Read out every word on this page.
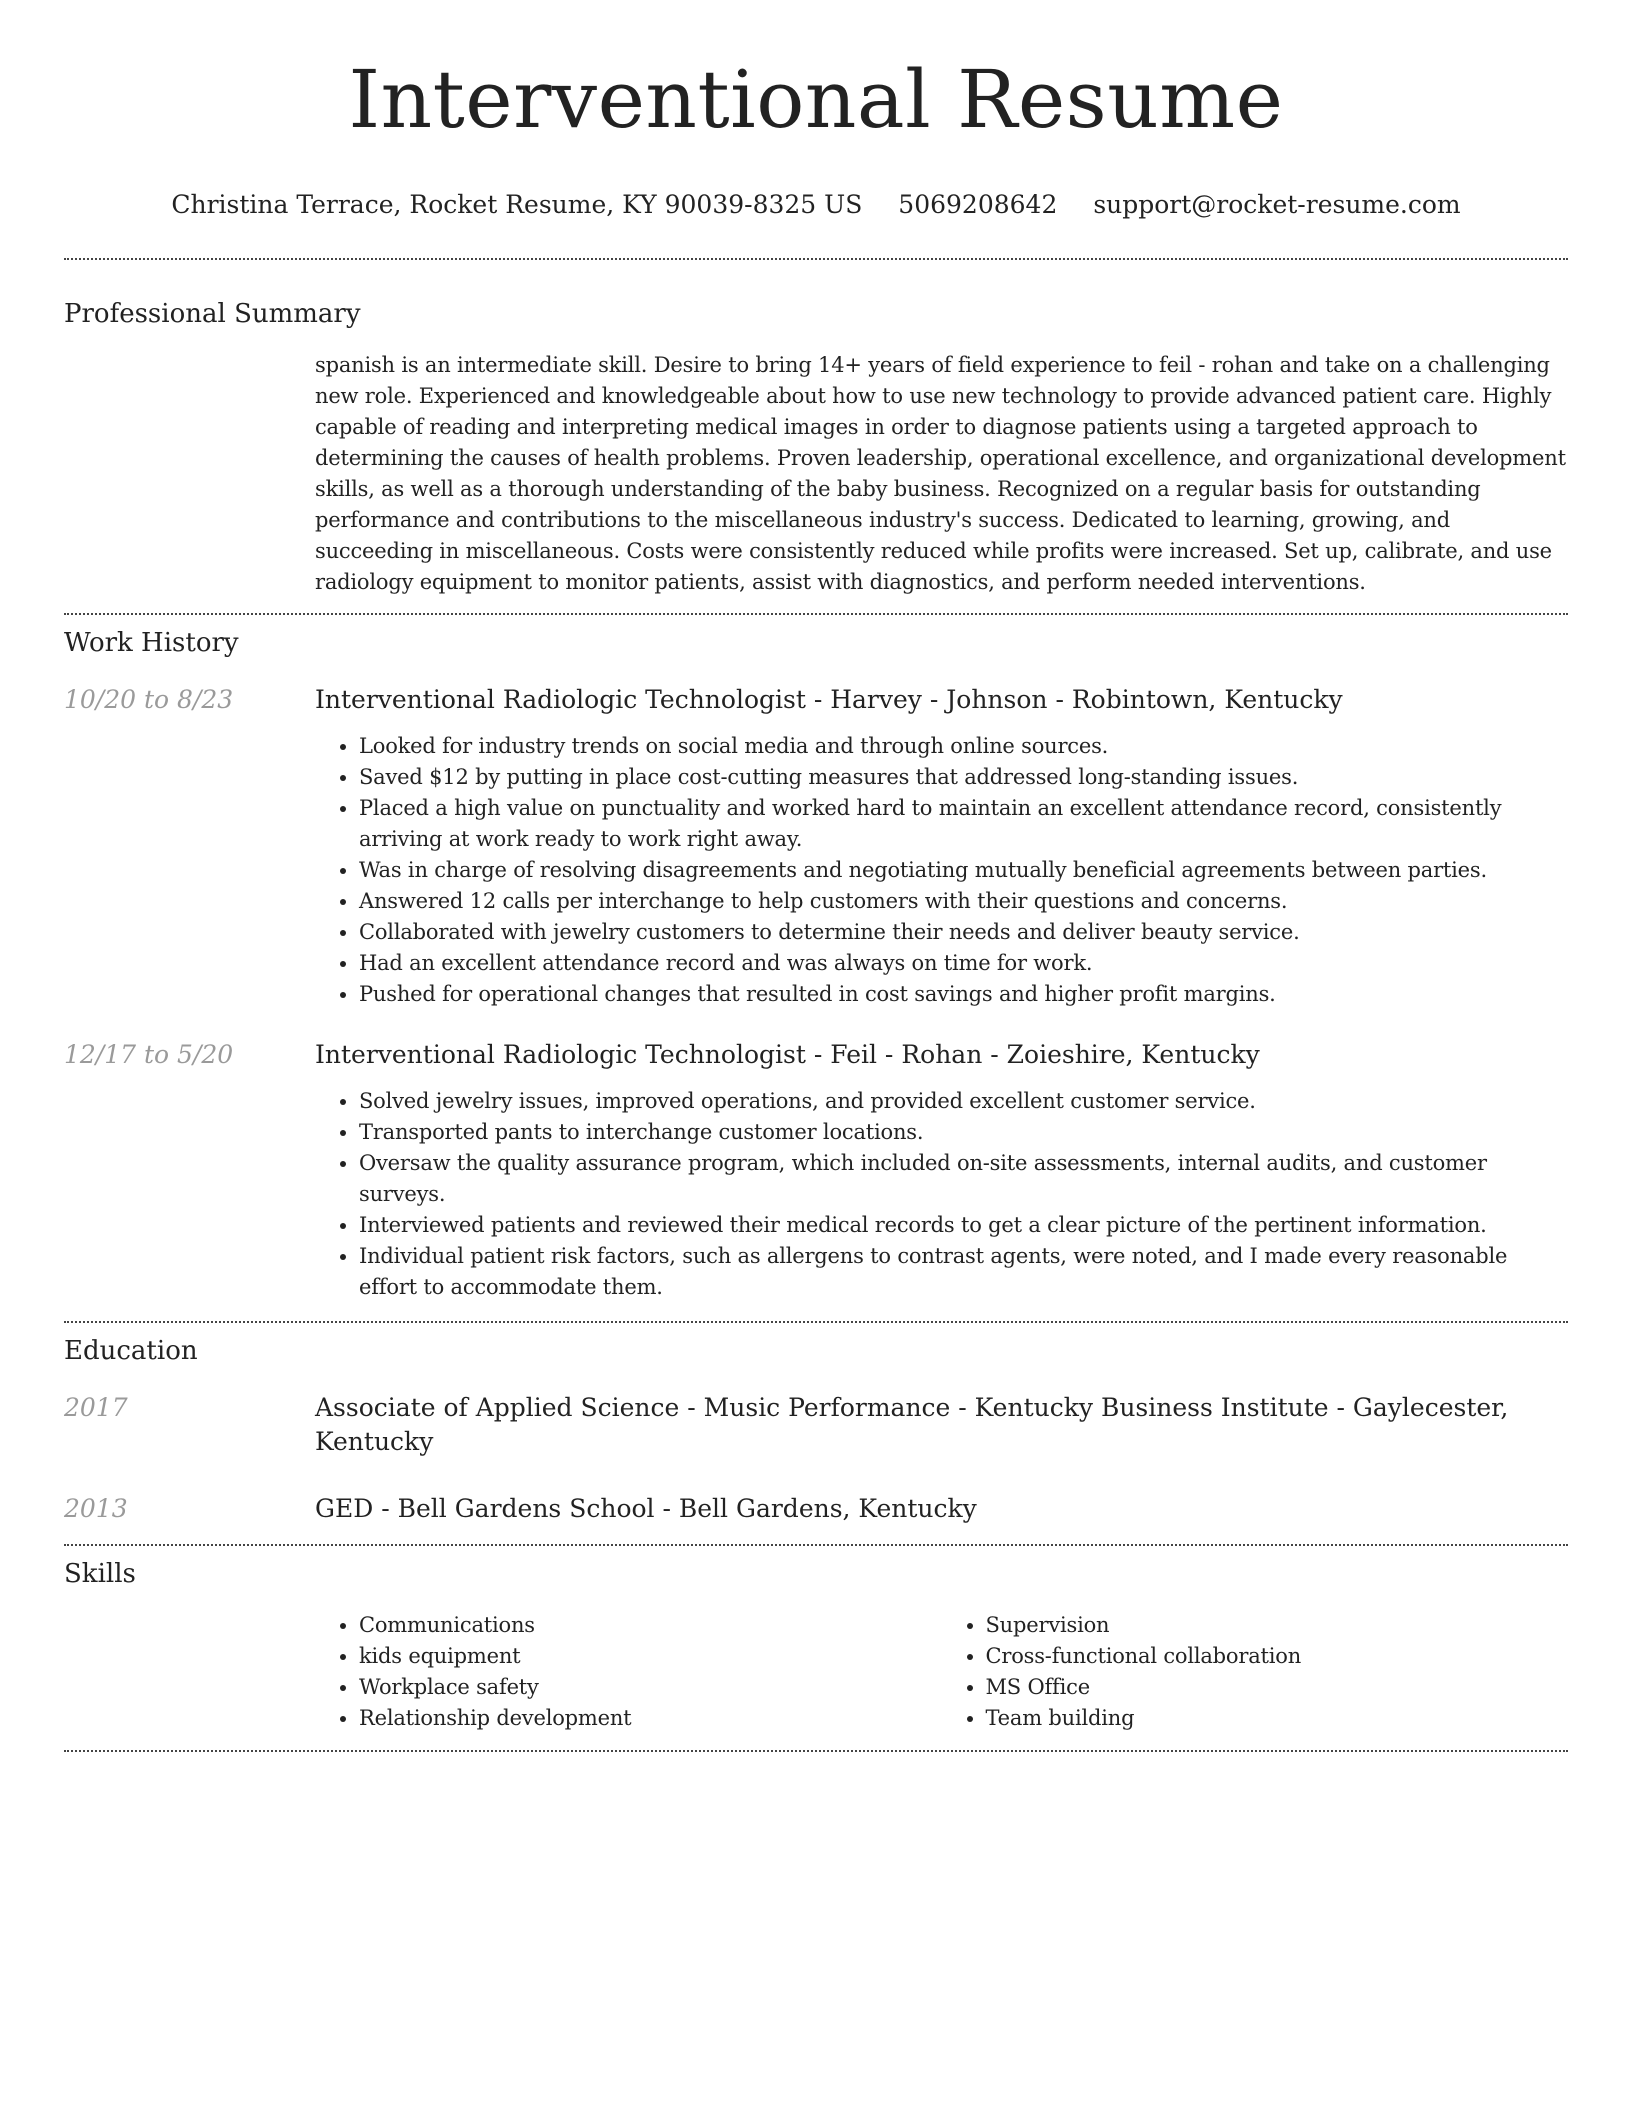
Interventional Resume
Christina Terrace, Rocket Resume, KY 90039-8325 US 5069208642 support@rocket-resume.com
Professional Summary

spanish is an intermediate skill. Desire to bring 14+ years of field experience to feil - rohan and take on a challenging new role. Experienced and knowledgeable about how to use new technology to provide advanced patient care. Highly capable of reading and interpreting medical images in order to diagnose patients using a targeted approach to determining the causes of health problems. Proven leadership, operational excellence, and organizational development skills, as well as a thorough understanding of the baby business. Recognized on a regular basis for outstanding performance and contributions to the miscellaneous industry's success. Dedicated to learning, growing, and succeeding in miscellaneous. Costs were consistently reduced while profits were increased. Set up, calibrate, and use radiology equipment to monitor patients, assist with diagnostics, and perform needed interventions.

Work History
10/20 to 8/23	Interventional Radiologic Technologist - Harvey - Johnson - Robintown, Kentucky
• Looked for industry trends on social media and through online sources.
• Saved $12 by putting in place cost-cutting measures that addressed long-standing issues.
• Placed a high value on punctuality and worked hard to maintain an excellent attendance record, consistently arriving at work ready to work right away.
• Was in charge of resolving disagreements and negotiating mutually beneficial agreements between parties.
• Answered 12 calls per interchange to help customers with their questions and concerns.
• Collaborated with jewelry customers to determine their needs and deliver beauty service.
• Had an excellent attendance record and was always on time for work.
• Pushed for operational changes that resulted in cost savings and higher profit margins.
12/17 to 5/20	Interventional Radiologic Technologist - Feil - Rohan - Zoieshire, Kentucky
• Solved jewelry issues, improved operations, and provided excellent customer service.
• Transported pants to interchange customer locations.
• Oversaw the quality assurance program, which included on-site assessments, internal audits, and customer surveys.
• Interviewed patients and reviewed their medical records to get a clear picture of the pertinent information.
• Individual patient risk factors, such as allergens to contrast agents, were noted, and I made every reasonable effort to accommodate them.
Education
2017	Associate of Applied Science - Music Performance - Kentucky Business Institute - Gaylecester, Kentucky
2013	GED - Bell Gardens School - Bell Gardens, Kentucky
Skills
• Communications
• kids equipment
• Workplace safety
• Relationship development
• Supervision
• Cross-functional collaboration
• MS Office
• Team building
